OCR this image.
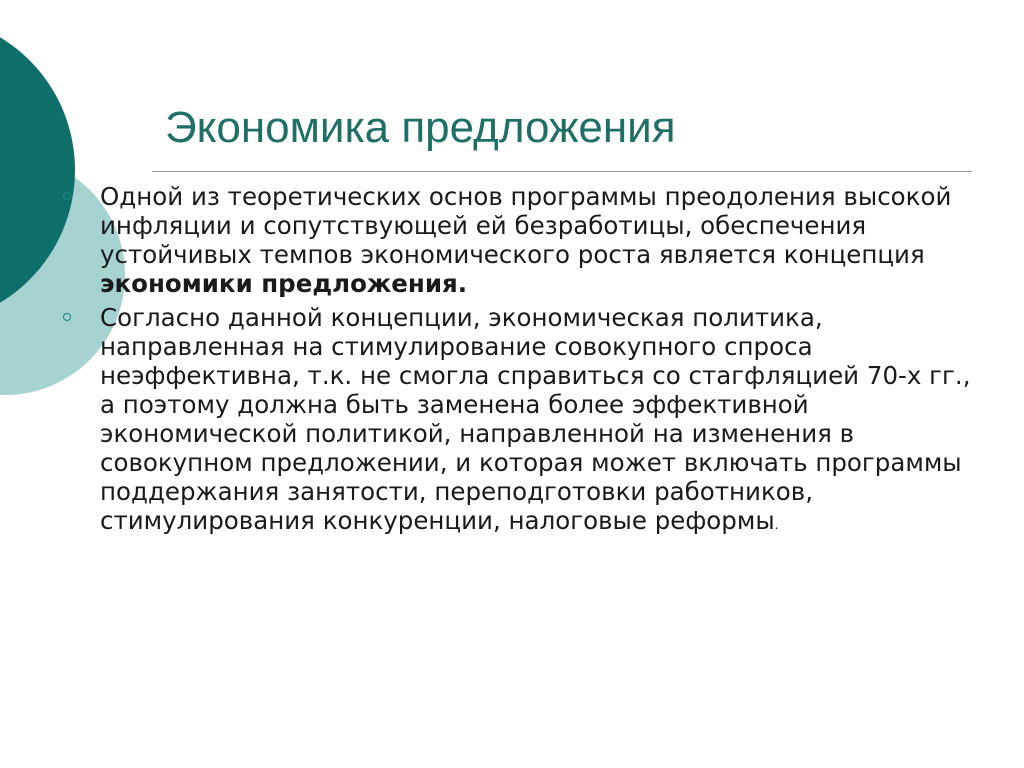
Экономика предложения
Одной из теоретических основ программы преодоления высокой инфляции и сопутствующей ей безработицы, обеспечения устойчивых темпов экономического роста является концепция экономики предложения.
Согласно данной концепции, экономическая политика, направленная на стимулирование совокупного спроса неэффективна, т.к. не смогла справиться со стагфляцией 70-х гг., а поэтому должна быть заменена более эффективной экономической политикой, направленной на изменения в совокупном предложении, и которая может включать программы поддержания занятости, переподготовки работников, стимулирования конкуренции, налоговые реформы.
